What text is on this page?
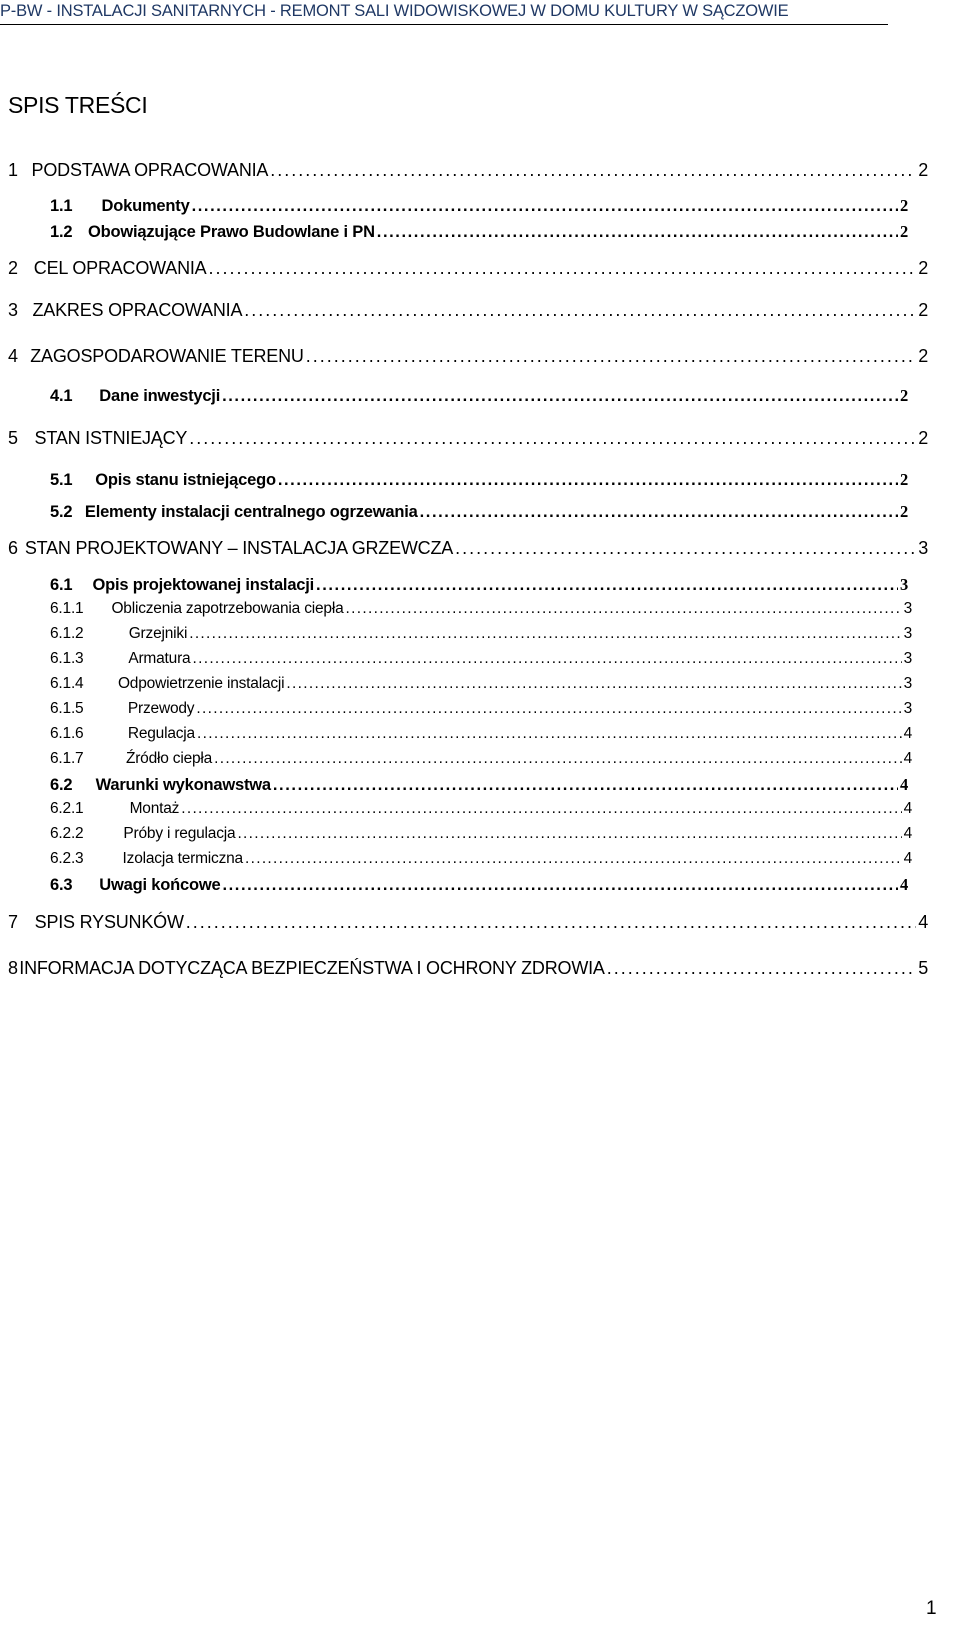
P-BW - INSTALACJI SANITARNYCH - REMONT SALI WIDOWISKOWEJ W DOMU KULTURY W SĄCZOWIE
SPIS TREŚCI
1 PODSTAWA OPRACOWANIA . . .	2
1.1	Dokumenty . . .	2
1.2 Obowiązujące Prawo Budowlane i PN . . .	2
2 CEL OPRACOWANIA . . .	2
3 ZAKRES OPRACOWANIA . . .	2
4 ZAGOSPODAROWANIE TERENU . . .	2
4.1	Dane inwestycji . . .	2
5 STAN ISTNIEJĄCY . . .	2
5.1	Opis stanu istniejącego . . .	2
5.2 Elementy instalacji centralnego ogrzewania . . .	2
6 STAN PROJEKTOWANY – INSTALACJA GRZEWCZA . . .	3
6.1	Opis projektowanej instalacji . . .	3
6.1.1	Obliczenia zapotrzebowania ciepła . . .	3
6.1.2	Grzejniki . . .	3
6.1.3	Armatura . . .	3
6.1.4	Odpowietrzenie instalacji . . .	3
6.1.5	Przewody . . .	3
6.1.6	Regulacja . . .	4
6.1.7	Źródło ciepła . . .	4
6.2	Warunki wykonawstwa . . .	4
6.2.1	Montaż . . .	4
6.2.2	Próby i regulacja . . .	4
6.2.3	Izolacja termiczna . . .	4
6.3	Uwagi końcowe . . .	4
7 SPIS RYSUNKÓW . . .	4
8 INFORMACJA DOTYCZĄCA BEZPIECZEŃSTWA I OCHRONY ZDROWIA . . .	5
1
